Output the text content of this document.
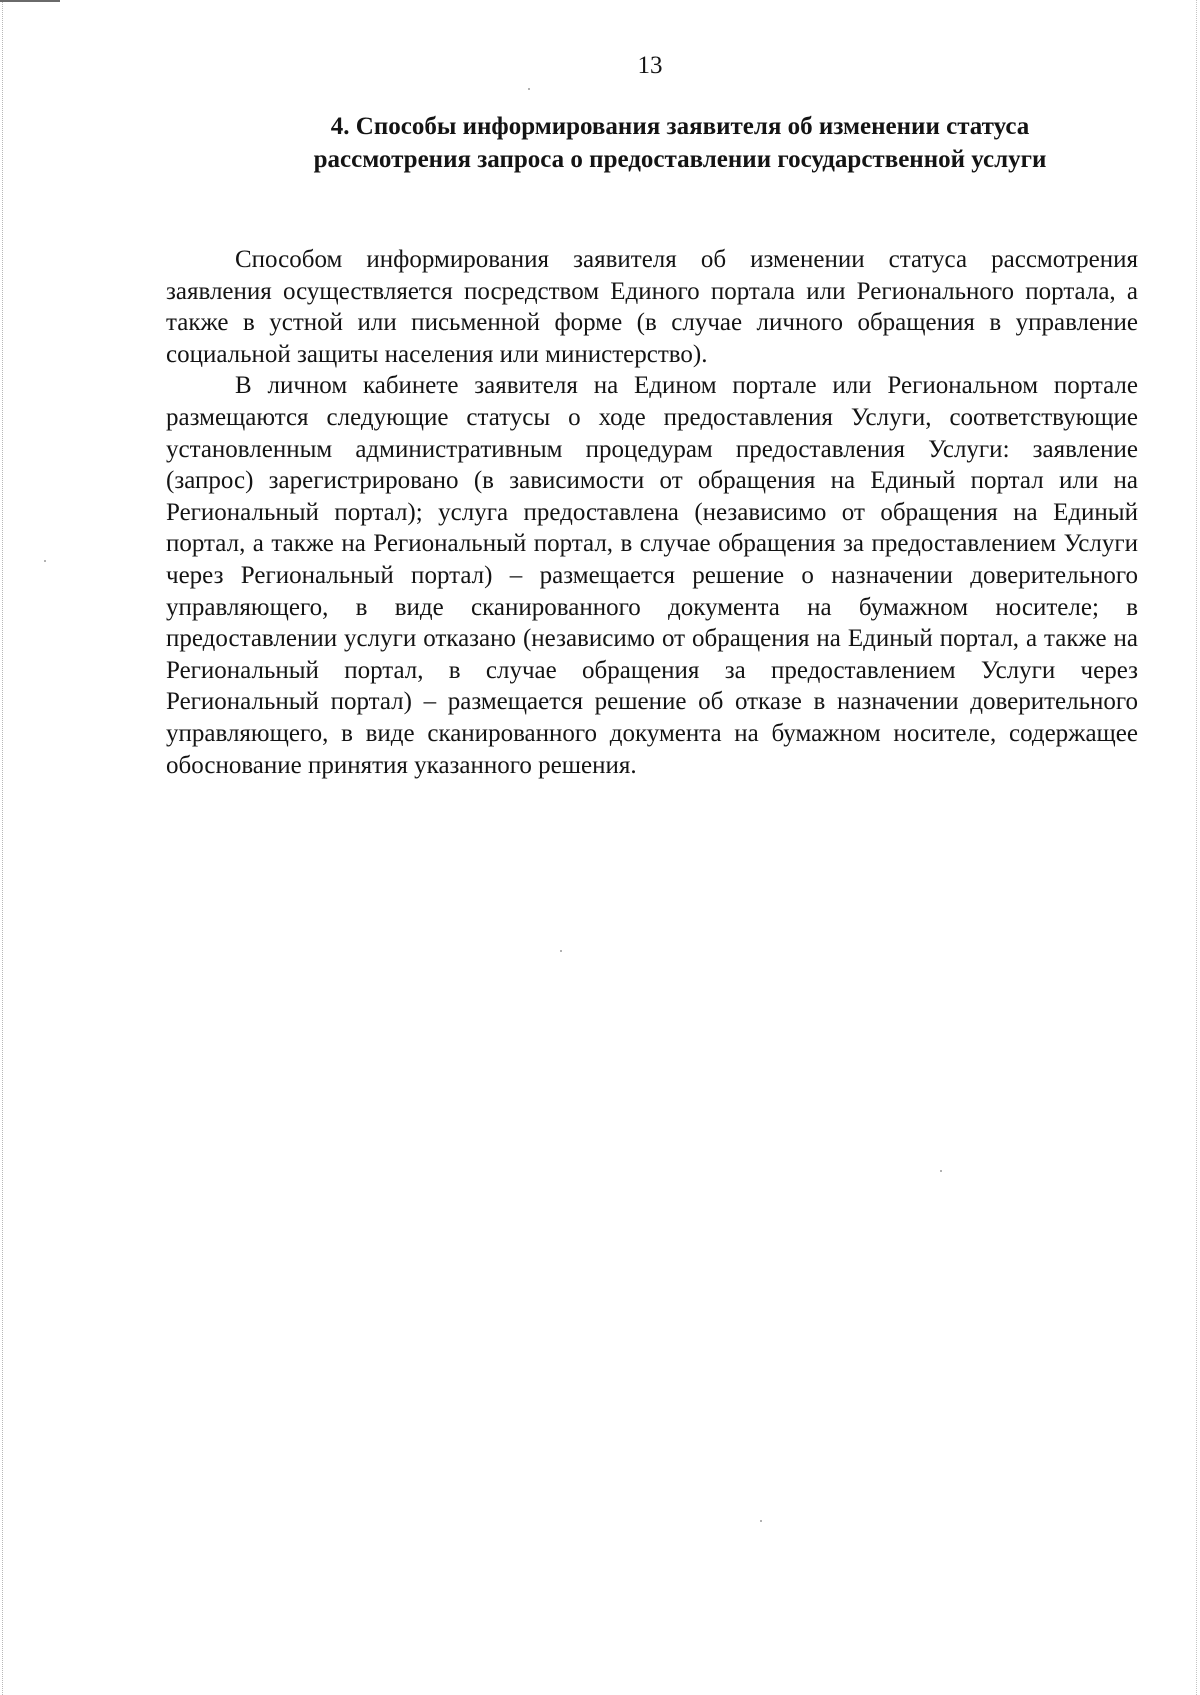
13
4. Способы информирования заявителя об изменении статуса рассмотрения запроса о предоставлении государственной услуги

Способом информирования заявителя об изменении статуса рассмотрения заявления осуществляется посредством Единого портала или Регионального портала, а также в устной или письменной форме (в случае личного обращения в управление социальной защиты населения или министерство).

В личном кабинете заявителя на Едином портале или Региональном портале размещаются следующие статусы о ходе предоставления Услуги, соответствующие установленным административным процедурам предоставления Услуги: заявление (запрос) зарегистрировано (в зависимости от обращения на Единый портал или на Региональный портал); услуга предоставлена (независимо от обращения на Единый портал, а также на Региональный портал, в случае обращения за предоставлением Услуги через Региональный портал) – размещается решение о назначении доверительного управляющего, в виде сканированного документа на бумажном носителе; в предоставлении услуги отказано (независимо от обращения на Единый портал, а также на Региональный портал, в случае обращения за предоставлением Услуги через Региональный портал) – размещается решение об отказе в назначении доверительного управляющего, в виде сканированного документа на бумажном носителе, содержащее обоснование принятия указанного решения.
